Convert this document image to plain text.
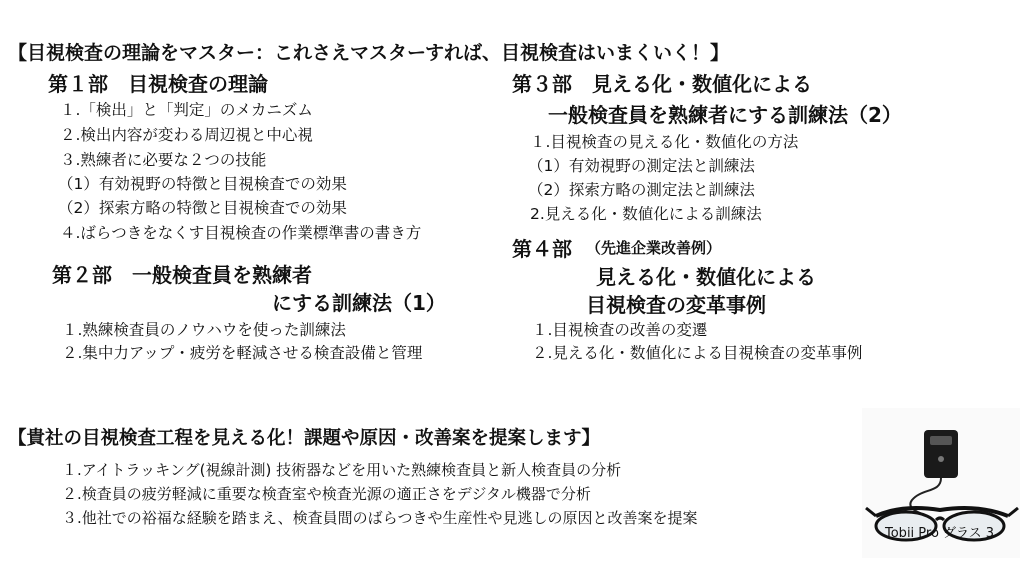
【目視検査の理論をマスター：これさえマスターすれば、目視検査はいまくいく！】
第１部　目視検査の理論
１.「検出」と「判定」のメカニズム
２.検出内容が変わる周辺視と中心視
３.熟練者に必要な２つの技能
（1）有効視野の特徴と目視検査での効果
（2）探索方略の特徴と目視検査での効果
４.ばらつきをなくす目視検査の作業標準書の書き方
第２部　一般検査員を熟練者
にする訓練法（1）
１.熟練検査員のノウハウを使った訓練法
２.集中力アップ・疲労を軽減させる検査設備と管理
第３部　見える化・数値化による
一般検査員を熟練者にする訓練法（2）
１.目視検査の見える化・数値化の方法
（1）有効視野の測定法と訓練法
（2）探索方略の測定法と訓練法
2.見える化・数値化による訓練法
第４部 （先進企業改善例）
見える化・数値化による
目視検査の変革事例
１.目視検査の改善の変遷
２.見える化・数値化による目視検査の変革事例
【貴社の目視検査工程を見える化！課題や原因・改善案を提案します】
１.アイトラッキング(視線計測) 技術器などを用いた熟練検査員と新人検査員の分析
２.検査員の疲労軽減に重要な検査室や検査光源の適正さをデジタル機器で分析
３.他社での裕福な経験を踏まえ、検査員間のばらつきや生産性や見逃しの原因と改善案を提案
Tobii Pro グラス 3
